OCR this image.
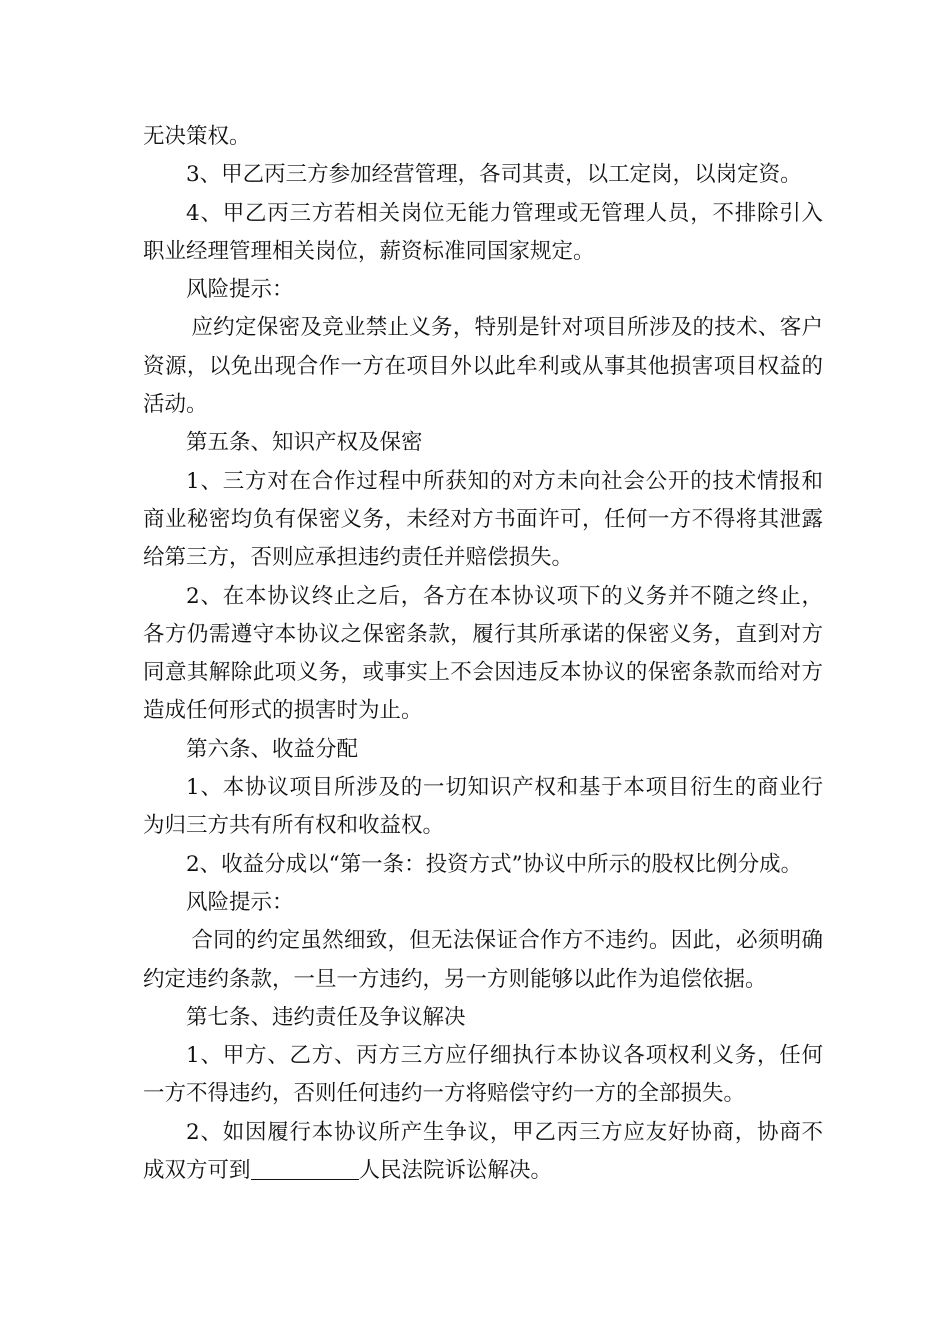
无决策权。

3、甲乙丙三方参加经营管理，各司其责，以工定岗，以岗定资。

4、甲乙丙三方若相关岗位无能力管理或无管理人员，不排除引入职业经理管理相关岗位，薪资标准同国家规定。

风险提示：

应约定保密及竞业禁止义务，特别是针对项目所涉及的技术、客户资源，以免出现合作一方在项目外以此牟利或从事其他损害项目权益的活动。

第五条、知识产权及保密

1、三方对在合作过程中所获知的对方未向社会公开的技术情报和商业秘密均负有保密义务，未经对方书面许可，任何一方不得将其泄露给第三方，否则应承担违约责任并赔偿损失。

2、在本协议终止之后，各方在本协议项下的义务并不随之终止，各方仍需遵守本协议之保密条款，履行其所承诺的保密义务，直到对方同意其解除此项义务，或事实上不会因违反本协议的保密条款而给对方造成任何形式的损害时为止。

第六条、收益分配

1、本协议项目所涉及的一切知识产权和基于本项目衍生的商业行为归三方共有所有权和收益权。

2、收益分成以“第一条：投资方式”协议中所示的股权比例分成。

风险提示：

合同的约定虽然细致，但无法保证合作方不违约。因此，必须明确约定违约条款，一旦一方违约，另一方则能够以此作为追偿依据。

第七条、违约责任及争议解决

1、甲方、乙方、丙方三方应仔细执行本协议各项权利义务，任何一方不得违约，否则任何违约一方将赔偿守约一方的全部损失。

2、如因履行本协议所产生争议，甲乙丙三方应友好协商，协商不成双方可到	人民法院诉讼解决。
